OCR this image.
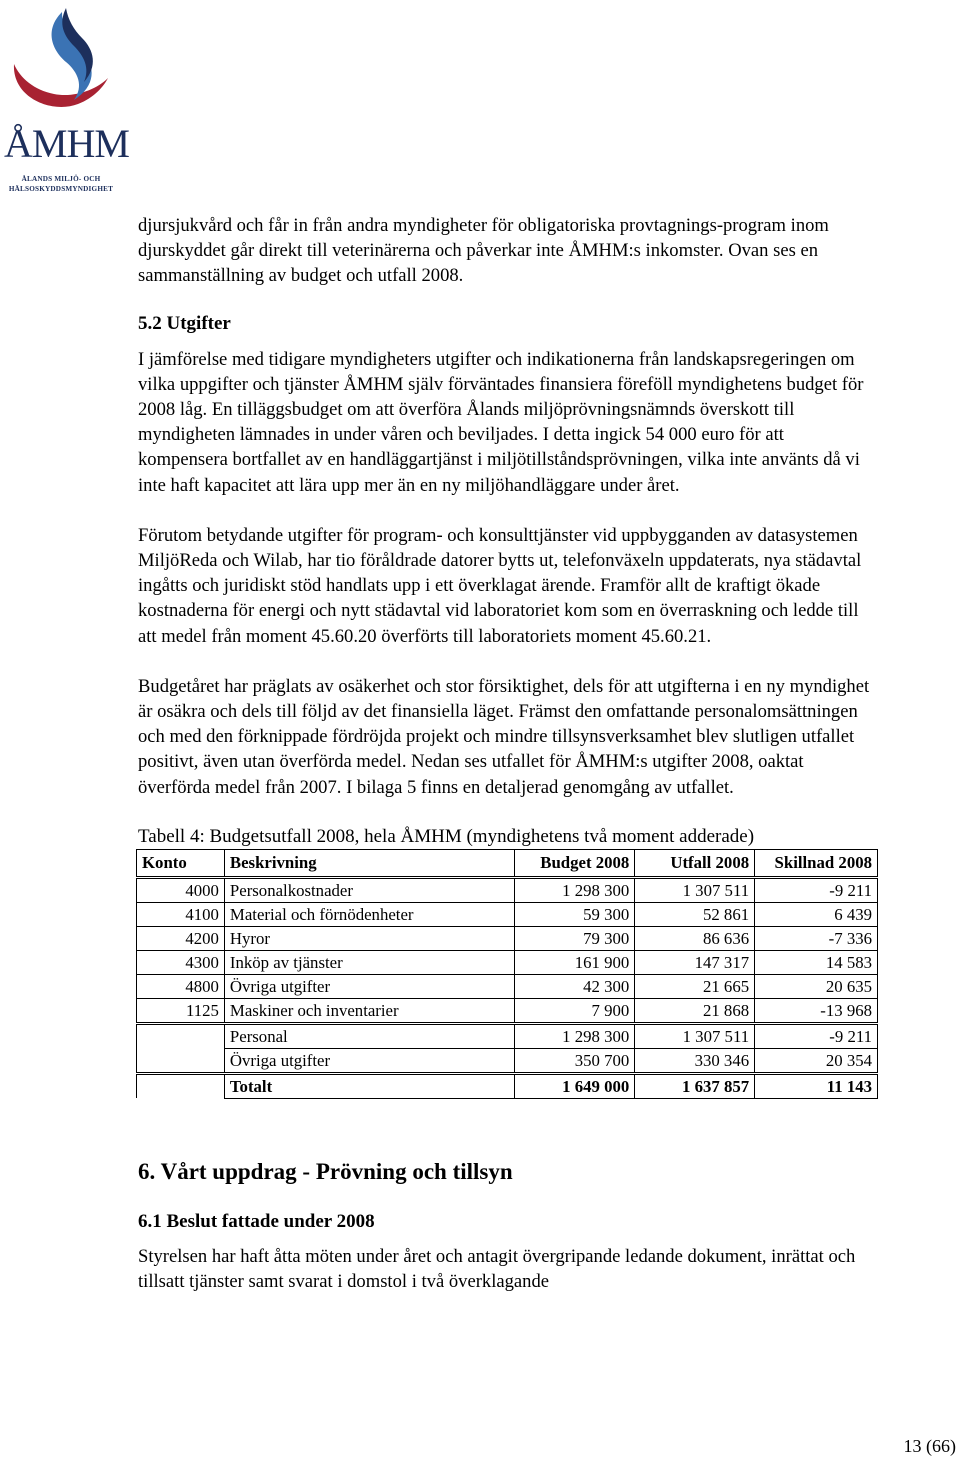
ÅMHM
ÅLANDS MILJÖ- OCH
HÄLSOSKYDDSMYNDIGHET

djursjukvård och får in från andra myndigheter för obligatoriska provtagnings-program inom djurskyddet går direkt till veterinärerna och påverkar inte ÅMHM:s inkomster. Ovan ses en sammanställning av budget och utfall 2008.

5.2 Utgifter

I jämförelse med tidigare myndigheters utgifter och indikationerna från landskapsregeringen om vilka uppgifter och tjänster ÅMHM själv förväntades finansiera föreföll myndighetens budget för 2008 låg. En tilläggsbudget om att överföra Ålands miljöprövningsnämnds överskott till myndigheten lämnades in under våren och beviljades. I detta ingick 54 000 euro för att kompensera bortfallet av en handläggartjänst i miljötillståndsprövningen, vilka inte använts då vi inte haft kapacitet att lära upp mer än en ny miljöhandläggare under året.

Förutom betydande utgifter för program- och konsulttjänster vid uppbygganden av datasystemen MiljöReda och Wilab, har tio föråldrade datorer bytts ut, telefonväxeln uppdaterats, nya städavtal ingåtts och juridiskt stöd handlats upp i ett överklagat ärende. Framför allt de kraftigt ökade kostnaderna för energi och nytt städavtal vid laboratoriet kom som en överraskning och ledde till att medel från moment 45.60.20 överförts till laboratoriets moment 45.60.21.

Budgetåret har präglats av osäkerhet och stor försiktighet, dels för att utgifterna i en ny myndighet är osäkra och dels till följd av det finansiella läget. Främst den omfattande personalomsättningen och med den förknippade fördröjda projekt och mindre tillsynsverksamhet blev slutligen utfallet positivt, även utan överförda medel. Nedan ses utfallet för ÅMHM:s utgifter 2008, oaktat överförda medel från 2007. I bilaga 5 finns en detaljerad genomgång av utfallet.

Tabell 4: Budgetsutfall 2008, hela ÅMHM (myndighetens två moment adderade)

Konto	Beskrivning	Budget 2008	Utfall 2008	Skillnad 2008
4000	Personalkostnader	1 298 300	1 307 511	-9 211
4100	Material och förnödenheter	59 300	52 861	6 439
4200	Hyror	79 300	86 636	-7 336
4300	Inköp av tjänster	161 900	147 317	14 583
4800	Övriga utgifter	42 300	21 665	20 635
1125	Maskiner och inventarier	7 900	21 868	-13 968
	Personal	1 298 300	1 307 511	-9 211
	Övriga utgifter	350 700	330 346	20 354
	Totalt	1 649 000	1 637 857	11 143
6. Vårt uppdrag - Prövning och tillsyn
6.1 Beslut fattade under 2008

Styrelsen har haft åtta möten under året och antagit övergripande ledande dokument, inrättat och tillsatt tjänster samt svarat i domstol i två överklagande

13 (66)
